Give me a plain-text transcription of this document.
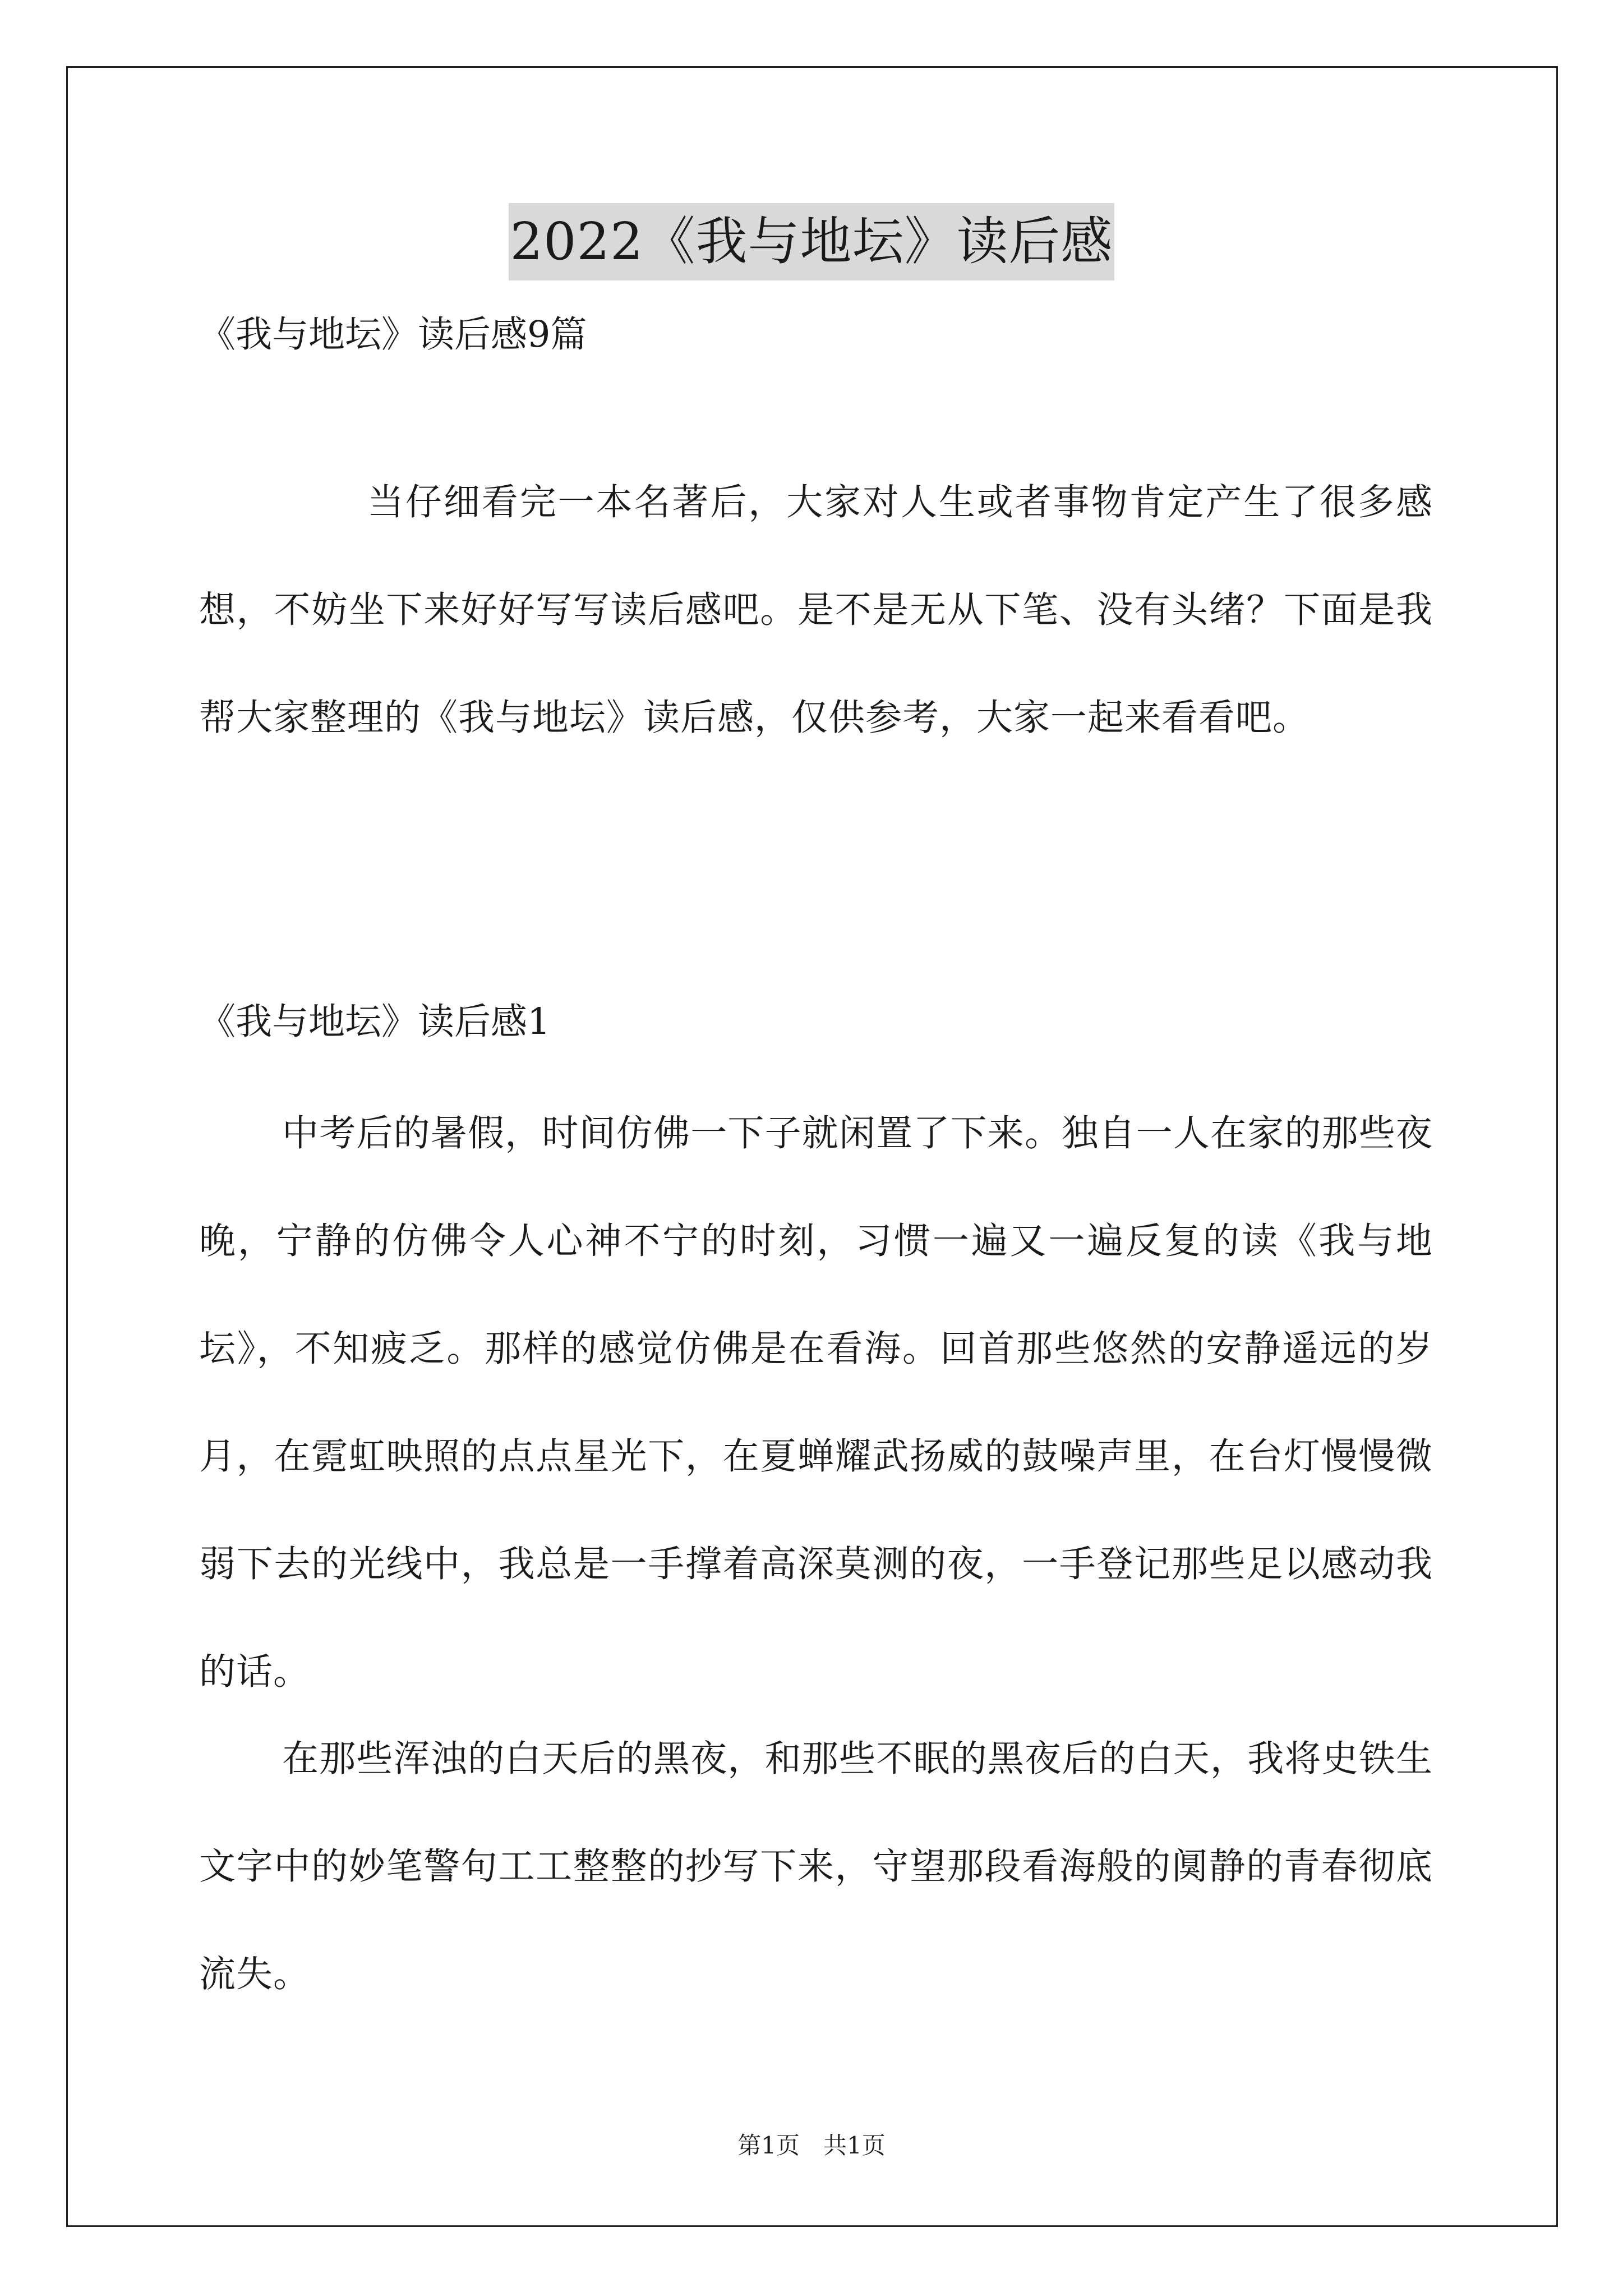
2022《我与地坛》读后感

《我与地坛》读后感9篇

当仔细看完一本名著后，大家对人生或者事物肯定产生了很多感想，不妨坐下来好好写写读后感吧。是不是无从下笔、没有头绪？下面是我帮大家整理的《我与地坛》读后感，仅供参考，大家一起来看看吧。

《我与地坛》读后感1

中考后的暑假，时间仿佛一下子就闲置了下来。独自一人在家的那些夜晚，宁静的仿佛令人心神不宁的时刻，习惯一遍又一遍反复的读《我与地坛》，不知疲乏。那样的感觉仿佛是在看海。回首那些悠然的安静遥远的岁月，在霓虹映照的点点星光下，在夏蝉耀武扬威的鼓噪声里，在台灯慢慢微弱下去的光线中，我总是一手撑着高深莫测的夜，一手登记那些足以感动我的话。

在那些浑浊的白天后的黑夜，和那些不眠的黑夜后的白天，我将史铁生文字中的妙笔警句工工整整的抄写下来，守望那段看海般的阒静的青春彻底流失。

第1页　共1页
